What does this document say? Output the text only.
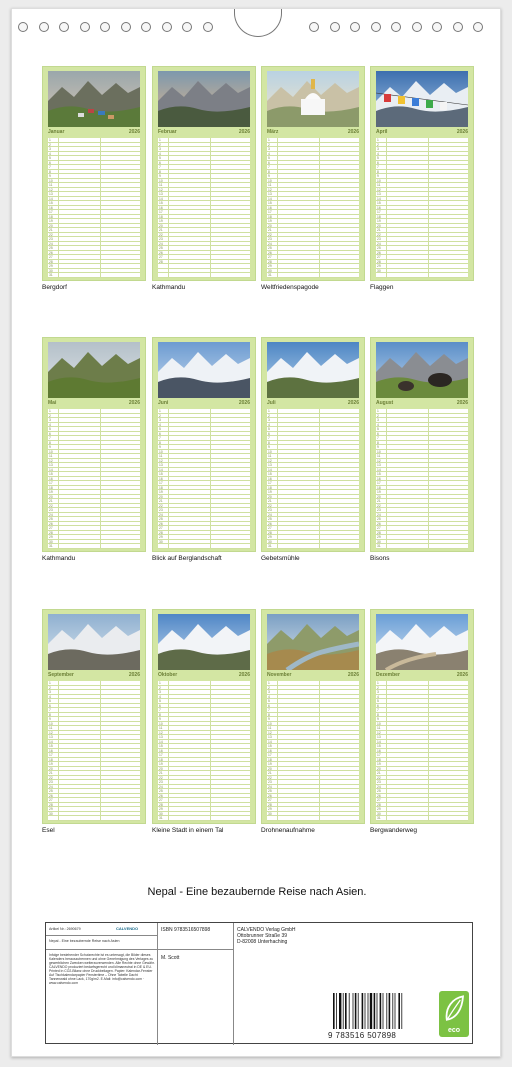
Januar	2026
1
2
3
4
5
6
7
8
9
10
11
12
13
14
15
16
17
18
19
20
21
22
23
24
25
26
27
28
29
30
31
Bergdorf
Februar	2026
1
2
3
4
5
6
7
8
9
10
11
12
13
14
15
16
17
18
19
20
21
22
23
24
25
26
27
28
Kathmandu
März	2026
1
2
3
4
5
6
7
8
9
10
11
12
13
14
15
16
17
18
19
20
21
22
23
24
25
26
27
28
29
30
31
Weltfriedenspagode
April	2026
1
2
3
4
5
6
7
8
9
10
11
12
13
14
15
16
17
18
19
20
21
22
23
24
25
26
27
28
29
30
Flaggen
Mai	2026
1
2
3
4
5
6
7
8
9
10
11
12
13
14
15
16
17
18
19
20
21
22
23
24
25
26
27
28
29
30
31
Kathmandu
Juni	2026
1
2
3
4
5
6
7
8
9
10
11
12
13
14
15
16
17
18
19
20
21
22
23
24
25
26
27
28
29
30
Blick auf Berglandschaft
Juli	2026
1
2
3
4
5
6
7
8
9
10
11
12
13
14
15
16
17
18
19
20
21
22
23
24
25
26
27
28
29
30
31
Gebetsmühle
August	2026
1
2
3
4
5
6
7
8
9
10
11
12
13
14
15
16
17
18
19
20
21
22
23
24
25
26
27
28
29
30
31
Bisons
September	2026
1
2
3
4
5
6
7
8
9
10
11
12
13
14
15
16
17
18
19
20
21
22
23
24
25
26
27
28
29
30
Esel
Oktober	2026
1
2
3
4
5
6
7
8
9
10
11
12
13
14
15
16
17
18
19
20
21
22
23
24
25
26
27
28
29
30
31
Kleine Stadt in einem Tal
November	2026
1
2
3
4
5
6
7
8
9
10
11
12
13
14
15
16
17
18
19
20
21
22
23
24
25
26
27
28
29
30
Drohnenaufnahme
Dezember	2026
1
2
3
4
5
6
7
8
9
10
11
12
13
14
15
16
17
18
19
20
21
22
23
24
25
26
27
28
29
30
31
Bergwanderweg
Nepal - Eine bezaubernde Reise nach Asien.
Artikel Nr.: 2690679	CALVENDO
Nepal - Eine bezaubernde Reise nach Asien
Infolge bestehender Schutzrechte ist es untersagt, die Bilder dieses Kalenders herauszutrennen und ohne Genehmigung des Verlages zu gewerblichen Zwecken weiterzuverwenden. Alle Rechte ohne Gewähr. CALVENDO produziert bedarfsgerecht und klimaneutral in DE & EU. Printed in CO2-Bilanz ohne Druckbeilagen. Papier: Kalendar-Fenster Auf Tischkalendarpapier Fenstertime – Ohne Tabelle Dacht Tannenwald ohne Lack, 170g/m2. E-Mail: info@calvendo.com · www.calvendo.com
ISBN 9783516507898
M. Scott
CALVENDO Verlag GmbH
Ottobrunner Straße 39
D-82008 Unterhaching
9 783516 507898
eco
